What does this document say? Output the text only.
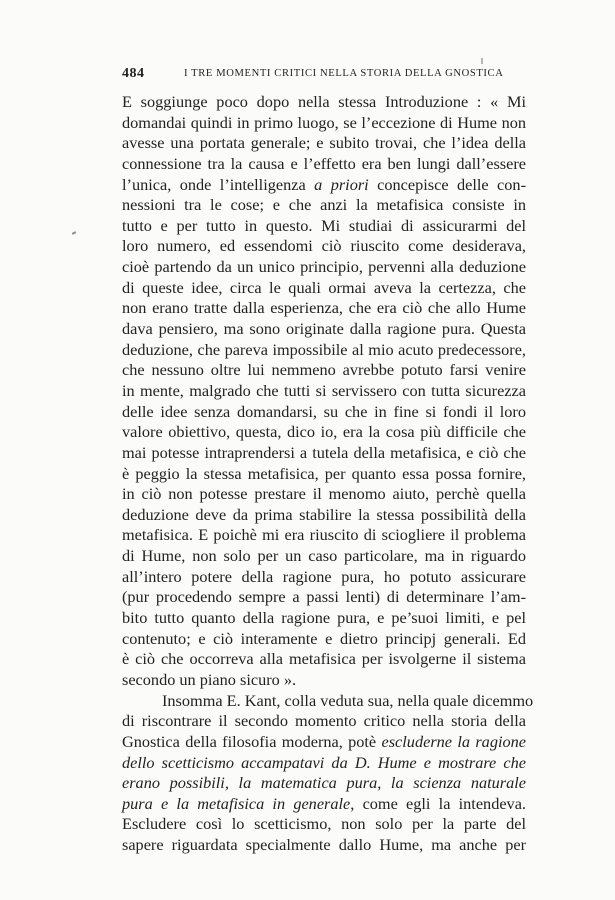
484	I TRE MOMENTI CRITICI NELLA STORIA DELLA GNOSTICA
E soggiunge poco dopo nella stessa Introduzione : « Mi
domandai quindi in primo luogo, se l’eccezione di Hume non
avesse una portata generale; e subito trovai, che l’idea della
connessione tra la causa e l’effetto era ben lungi dall’essere
l’unica, onde l’intelligenza a priori concepisce delle con-
nessioni tra le cose; e che anzi la metafisica consiste in
tutto e per tutto in questo. Mi studiai di assicurarmi del
loro numero, ed essendomi ciò riuscito come desiderava,
cioè partendo da un unico principio, pervenni alla deduzione
di queste idee, circa le quali ormai aveva la certezza, che
non erano tratte dalla esperienza, che era ciò che allo Hume
dava pensiero, ma sono originate dalla ragione pura. Questa
deduzione, che pareva impossibile al mio acuto predecessore,
che nessuno oltre lui nemmeno avrebbe potuto farsi venire
in mente, malgrado che tutti si servissero con tutta sicurezza
delle idee senza domandarsi, su che in fine si fondi il loro
valore obiettivo, questa, dico io, era la cosa più difficile che
mai potesse intraprendersi a tutela della metafisica, e ciò che
è peggio la stessa metafisica, per quanto essa possa fornire,
in ciò non potesse prestare il menomo aiuto, perchè quella
deduzione deve da prima stabilire la stessa possibilità della
metafisica. E poichè mi era riuscito di sciogliere il problema
di Hume, non solo per un caso particolare, ma in riguardo
all’intero potere della ragione pura, ho potuto assicurare
(pur procedendo sempre a passi lenti) di determinare l’am-
bito tutto quanto della ragione pura, e pe’suoi limiti, e pel
contenuto; e ciò interamente e dietro principj generali. Ed
è ciò che occorreva alla metafisica per isvolgerne il sistema
secondo un piano sicuro ».
Insomma E. Kant, colla veduta sua, nella quale dicemmo
di riscontrare il secondo momento critico nella storia della
Gnostica della filosofia moderna, potè escluderne la ragione
dello scetticismo accampatavi da D. Hume e mostrare che
erano possibili, la matematica pura, la scienza naturale
pura e la metafisica in generale, come egli la intendeva.
Escludere così lo scetticismo, non solo per la parte del
sapere riguardata specialmente dallo Hume, ma anche per
